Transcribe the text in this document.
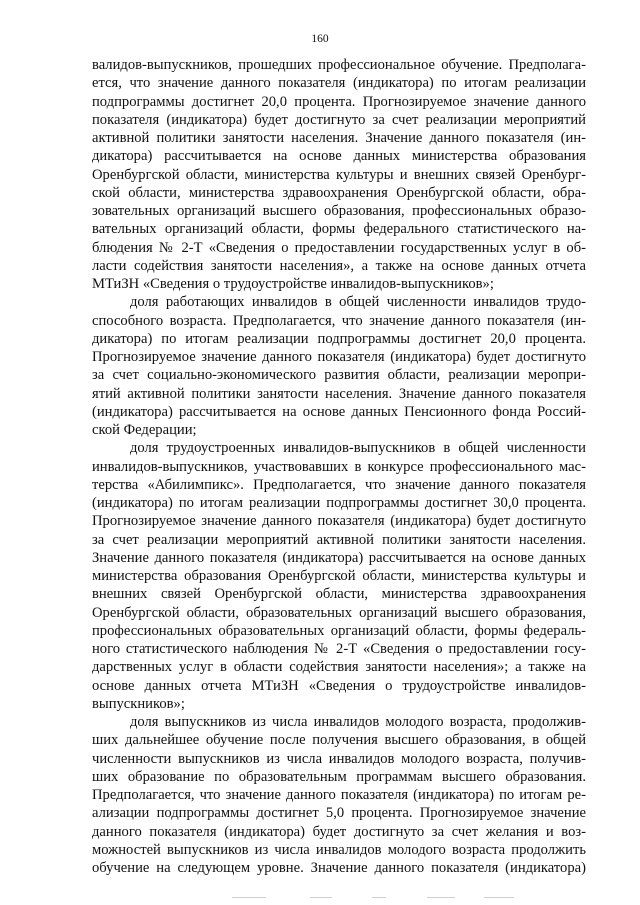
160
валидов-выпускников, прошедших профессиональное обучение. Предполага-
ется, что значение данного показателя (индикатора) по итогам реализации
подпрограммы достигнет 20,0 процента. Прогнозируемое значение данного
показателя (индикатора) будет достигнуто за счет реализации мероприятий
активной политики занятости населения. Значение данного показателя (ин-
дикатора) рассчитывается на основе данных министерства образования
Оренбургской области, министерства культуры и внешних связей Оренбург-
ской области, министерства здравоохранения Оренбургской области, обра-
зовательных организаций высшего образования, профессиональных образо-
вательных организаций области, формы федерального статистического на-
блюдения № 2-Т «Сведения о предоставлении государственных услуг в об-
ласти содействия занятости населения», а также на основе данных отчета
МТиЗН «Сведения о трудоустройстве инвалидов-выпускников»;
доля работающих инвалидов в общей численности инвалидов трудо-
способного возраста. Предполагается, что значение данного показателя (ин-
дикатора) по итогам реализации подпрограммы достигнет 20,0 процента.
Прогнозируемое значение данного показателя (индикатора) будет достигнуто
за счет социально-экономического развития области, реализации меропри-
ятий активной политики занятости населения. Значение данного показателя
(индикатора) рассчитывается на основе данных Пенсионного фонда Россий-
ской Федерации;
доля трудоустроенных инвалидов-выпускников в общей численности
инвалидов-выпускников, участвовавших в конкурсе профессионального мас-
терства «Абилимпикс». Предполагается, что значение данного показателя
(индикатора) по итогам реализации подпрограммы достигнет 30,0 процента.
Прогнозируемое значение данного показателя (индикатора) будет достигнуто
за счет реализации мероприятий активной политики занятости населения.
Значение данного показателя (индикатора) рассчитывается на основе данных
министерства образования Оренбургской области, министерства культуры и
внешних связей Оренбургской области, министерства здравоохранения
Оренбургской области, образовательных организаций высшего образования,
профессиональных образовательных организаций области, формы федераль-
ного статистического наблюдения № 2-Т «Сведения о предоставлении госу-
дарственных услуг в области содействия занятости населения»; а также на
основе данных отчета МТиЗН «Сведения о трудоустройстве инвалидов-
выпускников»;
доля выпускников из числа инвалидов молодого возраста, продолжив-
ших дальнейшее обучение после получения высшего образования, в общей
численности выпускников из числа инвалидов молодого возраста, получив-
ших образование по образовательным программам высшего образования.
Предполагается, что значение данного показателя (индикатора) по итогам ре-
ализации подпрограммы достигнет 5,0 процента. Прогнозируемое значение
данного показателя (индикатора) будет достигнуто за счет желания и воз-
можностей выпускников из числа инвалидов молодого возраста продолжить
обучение на следующем уровне. Значение данного показателя (индикатора)
